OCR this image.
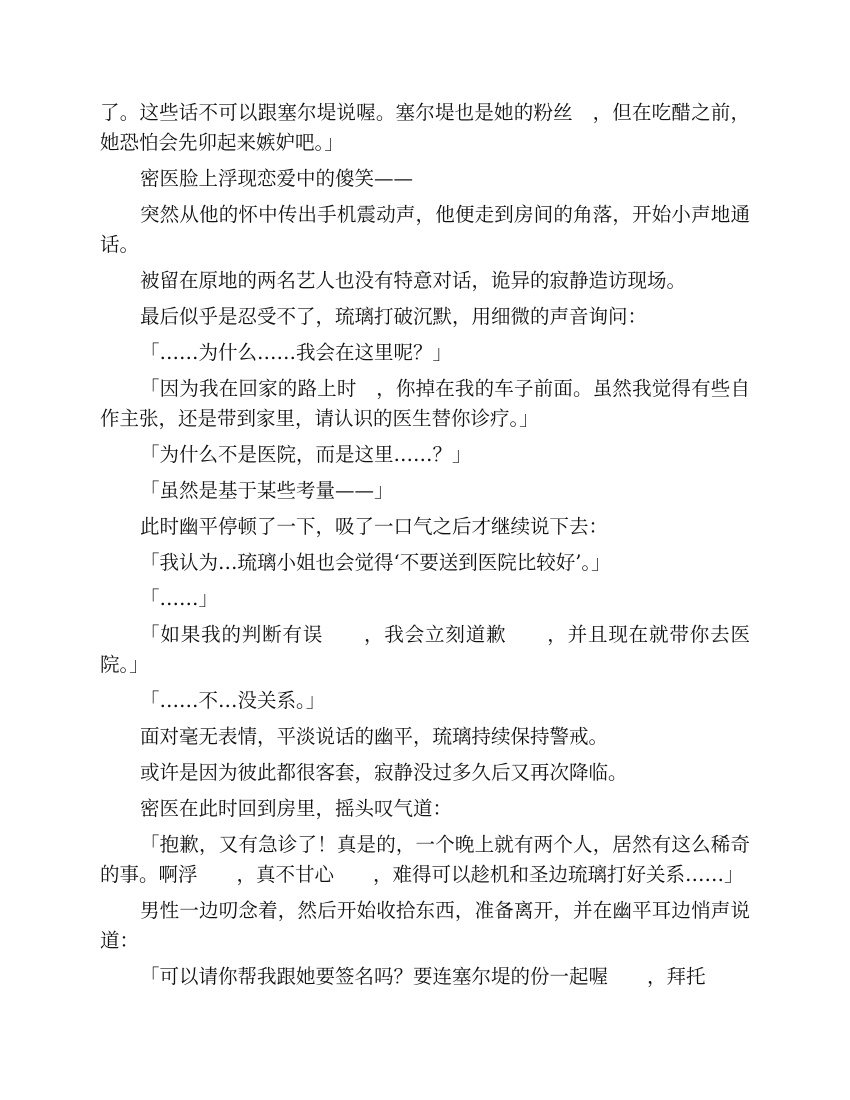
了。这些话不可以跟塞尔堤说喔。塞尔堤也是她的粉丝　，但在吃醋之前，她恐怕会先卯起来嫉妒吧。」

密医脸上浮现恋爱中的傻笑——

突然从他的怀中传出手机震动声，他便走到房间的角落，开始小声地通话。

被留在原地的两名艺人也没有特意对话，诡异的寂静造访现场。

最后似乎是忍受不了，琉璃打破沉默，用细微的声音询问：

「……为什么……我会在这里呢？」

「因为我在回家的路上时　，你掉在我的车子前面。虽然我觉得有些自作主张，还是带到家里，请认识的医生替你诊疗。」

「为什么不是医院，而是这里……？」

「虽然是基于某些考量——」

此时幽平停顿了一下，吸了一口气之后才继续说下去：

「我认为…琉璃小姐也会觉得‘不要送到医院比较好’。」

「……」

「如果我的判断有误　　，我会立刻道歉　　，并且现在就带你去医院。」

「……不…没关系。」

面对毫无表情，平淡说话的幽平，琉璃持续保持警戒。

或许是因为彼此都很客套，寂静没过多久后又再次降临。

密医在此时回到房里，摇头叹气道：

「抱歉，又有急诊了！真是的，一个晚上就有两个人，居然有这么稀奇的事。啊浮　　，真不甘心　　，难得可以趁机和圣边琉璃打好关系……」

男性一边叨念着，然后开始收拾东西，准备离开，并在幽平耳边悄声说道：

「可以请你帮我跟她要签名吗？要连塞尔堤的份一起喔　　，拜托
